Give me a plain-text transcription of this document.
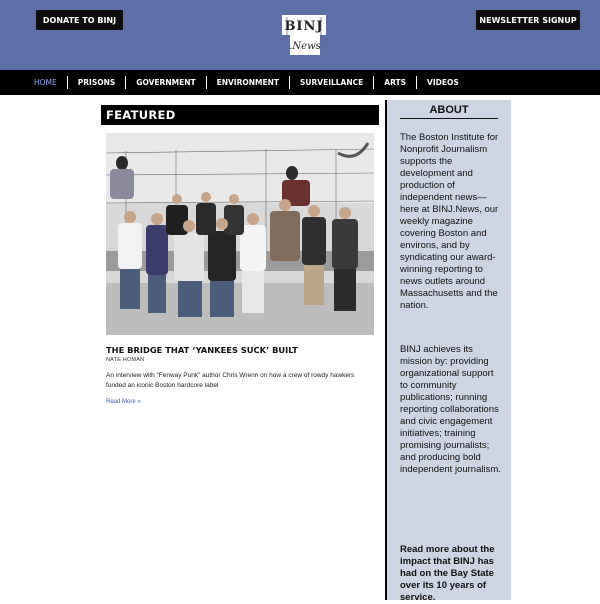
DONATE TO BINJ	BINJ
.News
NEWSLETTER SIGNUP
HOME	PRISONS	GOVERNMENT	ENVIRONMENT	SURVEILLANCE	ARTS	VIDEOS
FEATURED
THE BRIDGE THAT ‘YANKEES SUCK’ BUILT
NATE HOMAN
An interview with “Fenway Punk” author Chris Wrenn on how a crew of rowdy hawkers funded an iconic Boston hardcore label
Read More »
ABOUT
The Boston Institute for Nonprofit Journalism supports the development and production of independent news—here at BINJ.News, our weekly magazine covering Boston and environs, and by syndicating our award-winning reporting to news outlets around Massachusetts and the nation.
BINJ achieves its mission by: providing organizational support to community publications; running reporting collaborations and civic engagement initiatives; training promising journalists; and producing bold independent journalism.
Read more about the impact that BINJ has had on the Bay State over its 10 years of service.
